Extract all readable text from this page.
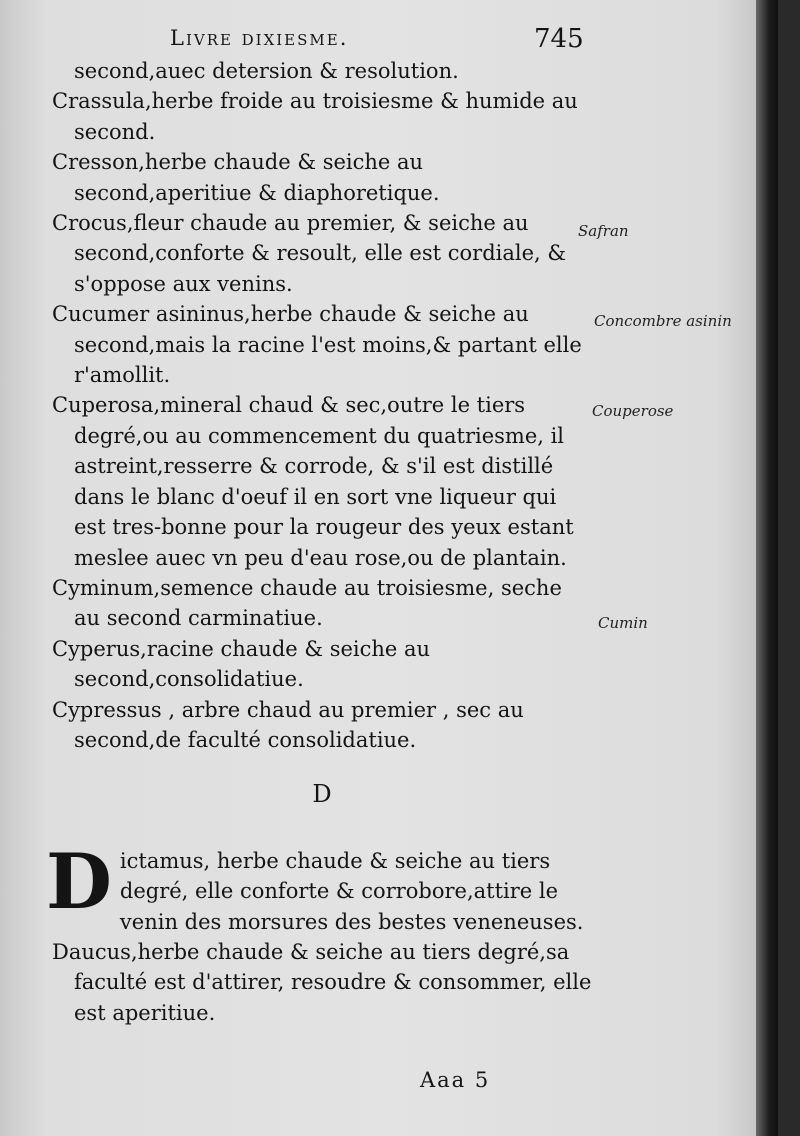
Livre dixiesme.	745

second,auec detersion & resolution.

Crassula,herbe froide au troisiesme & humide au second.

Cresson,herbe chaude & seiche au second,aperitiue & diaphoretique.

Crocus,fleur chaude au premier, & seiche au second,conforte & resoult, elle est cordiale, & s'oppose aux venins.

Cucumer asininus,herbe chaude & seiche au second,mais la racine l'est moins,& partant elle r'amollit.

Cuperosa,mineral chaud & sec,outre le tiers degré,ou au commencement du quatriesme, il astreint,resserre & corrode, & s'il est distillé dans le blanc d'oeuf il en sort vne liqueur qui est tres-bonne pour la rougeur des yeux estant meslee auec vn peu d'eau rose,ou de plantain.

Cyminum,semence chaude au troisiesme, seche au second carminatiue.

Cyperus,racine chaude & seiche au second,consolidatiue.

Cypressus , arbre chaud au premier , sec au second,de faculté consolidatiue.

D

Dictamus, herbe chaude & seiche au tiers degré, elle conforte & corrobore,attire le venin des morsures des bestes veneneuses.

Daucus,herbe chaude & seiche au tiers degré,sa faculté est d'attirer, resoudre & consommer, elle est aperitiue.

Safran
Concombre asinin
Couperose
Cumin
Aaa 5
